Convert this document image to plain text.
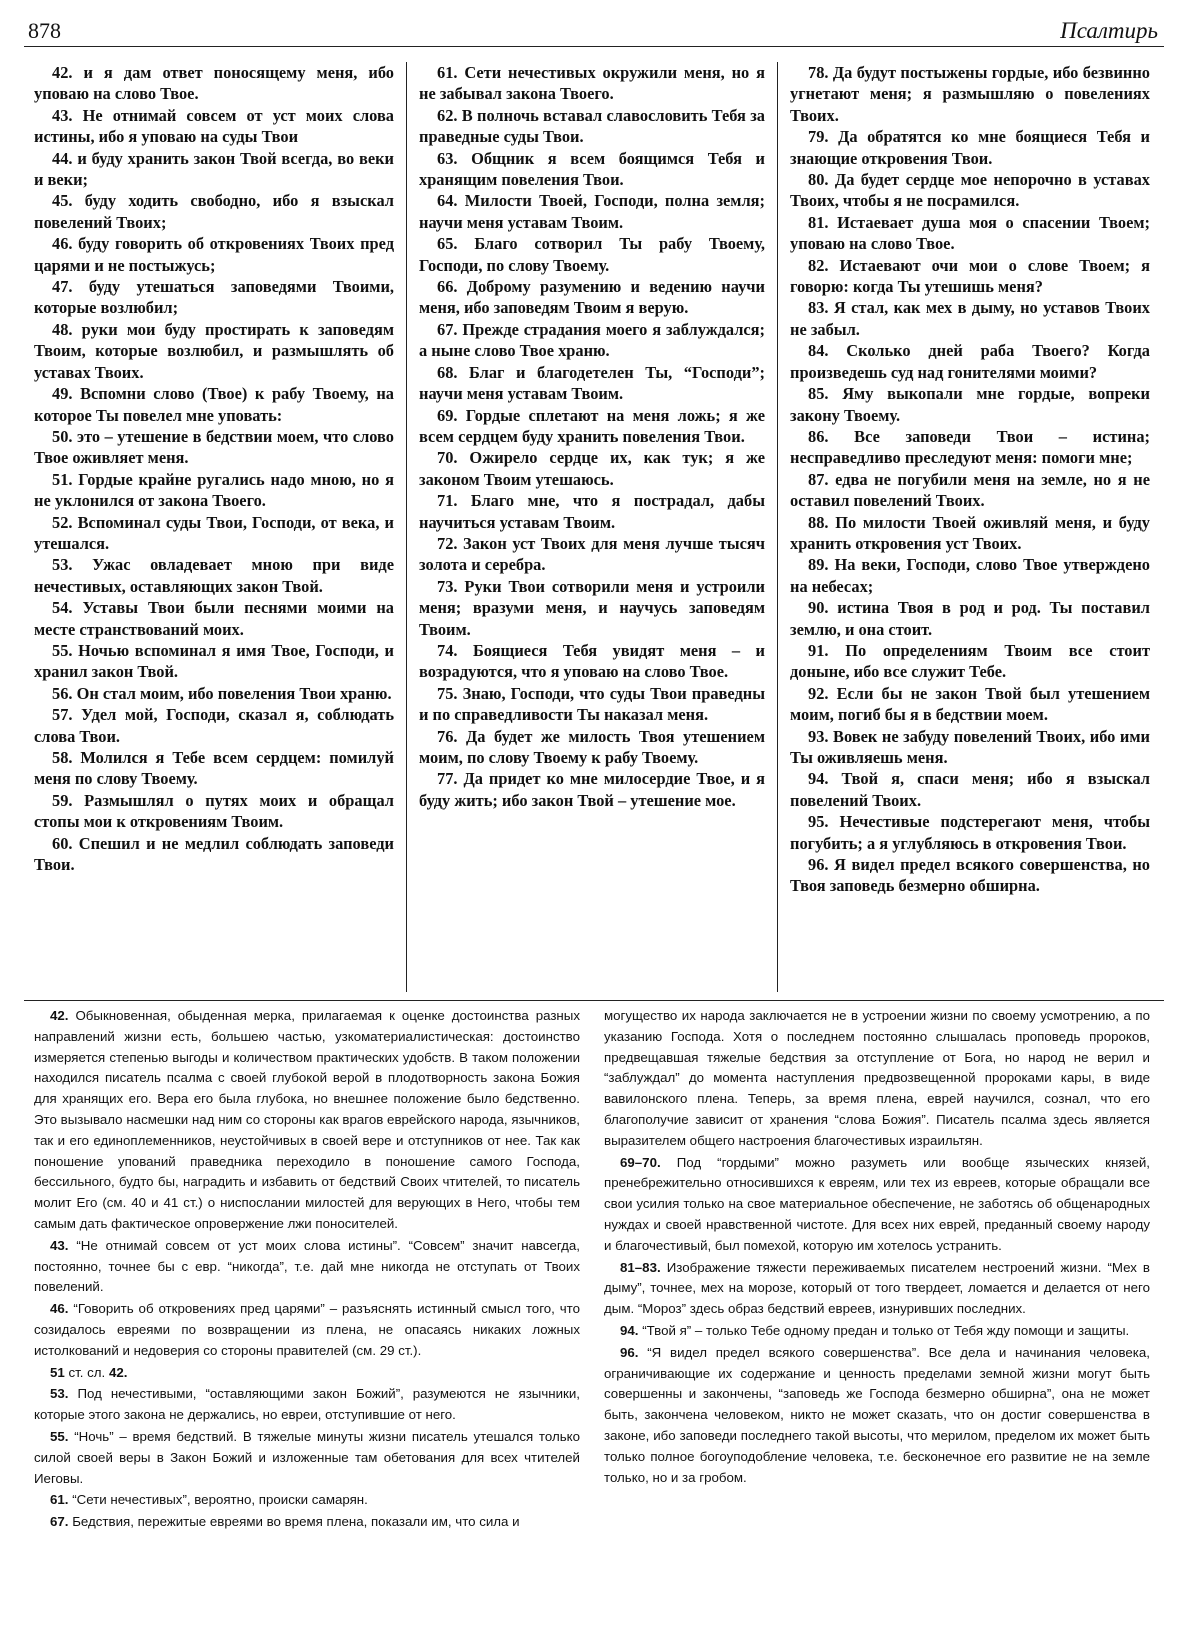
878	Псалтирь

42. и я дам ответ поносящему меня, ибо уповаю на слово Твое.

43. Не отнимай совсем от уст моих слова истины, ибо я уповаю на суды Твои

44. и буду хранить закон Твой всегда, во веки и веки;

45. буду ходить свободно, ибо я взыскал повелений Твоих;

46. буду говорить об откровениях Твоих пред царями и не постыжусь;

47. буду утешаться заповедями Твоими, которые возлюбил;

48. руки мои буду простирать к заповедям Твоим, которые возлюбил, и размышлять об уставах Твоих.

49. Вспомни слово (Твое) к рабу Твоему, на которое Ты повелел мне уповать:

50. это – утешение в бедствии моем, что слово Твое оживляет меня.

51. Гордые крайне ругались надо мною, но я не уклонился от закона Твоего.

52. Вспоминал суды Твои, Господи, от века, и утешался.

53. Ужас овладевает мною при виде нечестивых, оставляющих закон Твой.

54. Уставы Твои были песнями моими на месте странствований моих.

55. Ночью вспоминал я имя Твое, Господи, и хранил закон Твой.

56. Он стал моим, ибо повеления Твои храню.

57. Удел мой, Господи, сказал я, соблюдать слова Твои.

58. Молился я Тебе всем сердцем: помилуй меня по слову Твоему.

59. Размышлял о путях моих и обращал стопы мои к откровениям Твоим.

60. Спешил и не медлил соблюдать заповеди Твои.

61. Сети нечестивых окружили меня, но я не забывал закона Твоего.

62. В полночь вставал славословить Тебя за праведные суды Твои.

63. Общник я всем боящимся Тебя и хранящим повеления Твои.

64. Милости Твоей, Господи, полна земля; научи меня уставам Твоим.

65. Благо сотворил Ты рабу Твоему, Господи, по слову Твоему.

66. Доброму разумению и ведению научи меня, ибо заповедям Твоим я верую.

67. Прежде страдания моего я заблуждался; а ныне слово Твое храню.

68. Благ и благодетелен Ты, “Господи”; научи меня уставам Твоим.

69. Гордые сплетают на меня ложь; я же всем сердцем буду хранить повеления Твои.

70. Ожирело сердце их, как тук; я же законом Твоим утешаюсь.

71. Благо мне, что я пострадал, дабы научиться уставам Твоим.

72. Закон уст Твоих для меня лучше тысяч золота и серебра.

73. Руки Твои сотворили меня и устроили меня; вразуми меня, и научусь заповедям Твоим.

74. Боящиеся Тебя увидят меня – и возрадуются, что я уповаю на слово Твое.

75. Знаю, Господи, что суды Твои праведны и по справедливости Ты наказал меня.

76. Да будет же милость Твоя утешением моим, по слову Твоему к рабу Твоему.

77. Да придет ко мне милосердие Твое, и я буду жить; ибо закон Твой – утешение мое.

78. Да будут постыжены гордые, ибо безвинно угнетают меня; я размышляю о повелениях Твоих.

79. Да обратятся ко мне боящиеся Тебя и знающие откровения Твои.

80. Да будет сердце мое непорочно в уставах Твоих, чтобы я не посрамился.

81. Истаевает душа моя о спасении Твоем; уповаю на слово Твое.

82. Истаевают очи мои о слове Твоем; я говорю: когда Ты утешишь меня?

83. Я стал, как мех в дыму, но уставов Твоих не забыл.

84. Сколько дней раба Твоего? Когда произведешь суд над гонителями моими?

85. Яму выкопали мне гордые, вопреки закону Твоему.

86. Все заповеди Твои – истина; несправедливо преследуют меня: помоги мне;

87. едва не погубили меня на земле, но я не оставил повелений Твоих.

88. По милости Твоей оживляй меня, и буду хранить откровения уст Твоих.

89. На веки, Господи, слово Твое утверждено на небесах;

90. истина Твоя в род и род. Ты поставил землю, и она стоит.

91. По определениям Твоим все стоит доныне, ибо все служит Тебе.

92. Если бы не закон Твой был утешением моим, погиб бы я в бедствии моем.

93. Вовек не забуду повелений Твоих, ибо ими Ты оживляешь меня.

94. Твой я, спаси меня; ибо я взыскал повелений Твоих.

95. Нечестивые подстерегают меня, чтобы погубить; а я углубляюсь в откровения Твои.

96. Я видел предел всякого совершенства, но Твоя заповедь безмерно обширна.

42. Обыкновенная, обыденная мерка, прилагаемая к оценке достоинства разных направлений жизни есть, большею частью, узкоматериалистическая: достоинство измеряется степенью выгоды и количеством практических удобств. В таком положении находился писатель псалма с своей глубокой верой в плодотворность закона Божия для хранящих его. Вера его была глубока, но внешнее положение было бедственно. Это вызывало насмешки над ним со стороны как врагов еврейского народа, язычников, так и его единоплеменников, неустойчивых в своей вере и отступников от нее. Так как поношение упований праведника переходило в поношение самого Господа, бессильного, будто бы, наградить и избавить от бедствий Своих чтителей, то писатель молит Его (см. 40 и 41 ст.) о ниспослании милостей для верующих в Него, чтобы тем самым дать фактическое опровержение лжи поносителей.

43. “Не отнимай совсем от уст моих слова истины”. “Совсем” значит навсегда, постоянно, точнее бы с евр. “никогда”, т.е. дай мне никогда не отступать от Твоих повелений.

46. “Говорить об откровениях пред царями” – разъяснять истинный смысл того, что созидалось евреями по возвращении из плена, не опасаясь никаких ложных истолкований и недоверия со стороны правителей (см. 29 ст.).

51 ст. сл. 42.

53. Под нечестивыми, “оставляющими закон Божий”, разумеются не язычники, которые этого закона не держались, но евреи, отступившие от него.

55. “Ночь” – время бедствий. В тяжелые минуты жизни писатель утешался только силой своей веры в Закон Божий и изложенные там обетования для всех чтителей Иеговы.

61. “Сети нечестивых”, вероятно, происки самарян.

67. Бедствия, пережитые евреями во время плена, показали им, что сила и

могущество их народа заключается не в устроении жизни по своему усмотрению, а по указанию Господа. Хотя о последнем постоянно слышалась проповедь пророков, предвещавшая тяжелые бедствия за отступление от Бога, но народ не верил и “заблуждал” до момента наступления предвозвещенной пророками кары, в виде вавилонского плена. Теперь, за время плена, еврей научился, сознал, что его благополучие зависит от хранения “слова Божия”. Писатель псалма здесь является выразителем общего настроения благочестивых израильтян.

69–70. Под “гордыми” можно разуметь или вообще языческих князей, пренебрежительно относившихся к евреям, или тех из евреев, которые обращали все свои усилия только на свое материальное обеспечение, не заботясь об общенародных нуждах и своей нравственной чистоте. Для всех них еврей, преданный своему народу и благочестивый, был помехой, которую им хотелось устранить.

81–83. Изображение тяжести переживаемых писателем нестроений жизни. “Мех в дыму”, точнее, мех на морозе, который от того твердеет, ломается и делается от него дым. “Мороз” здесь образ бедствий евреев, изнуривших последних.

94. “Твой я” – только Тебе одному предан и только от Тебя жду помощи и защиты.

96. “Я видел предел всякого совершенства”. Все дела и начинания человека, ограничивающие их содержание и ценность пределами земной жизни могут быть совершенны и закончены, “заповедь же Господа безмерно обширна”, она не может быть, закончена человеком, никто не может сказать, что он достиг совершенства в законе, ибо заповеди последнего такой высоты, что мерилом, пределом их может быть только полное богоуподобление человека, т.е. бесконечное его развитие не на земле только, но и за гробом.
